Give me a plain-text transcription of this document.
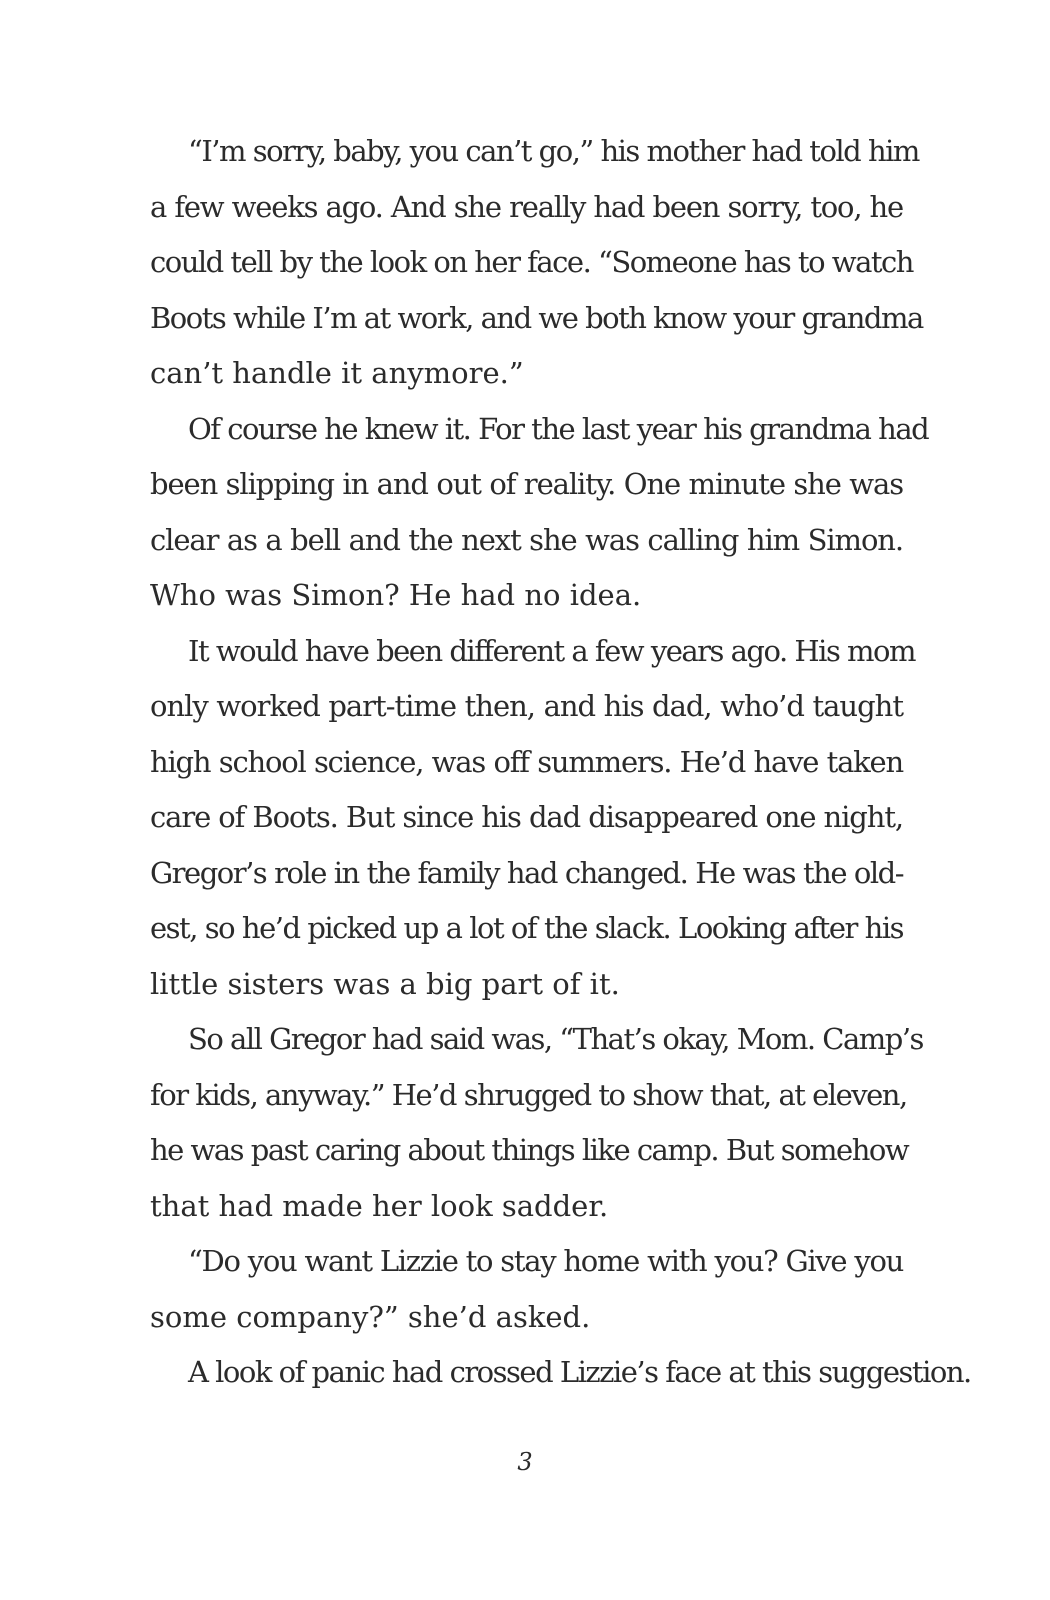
“I’m sorry, baby, you can’t go,” his mother had told him
a few weeks ago. And she really had been sorry, too, he
could tell by the look on her face. “Someone has to watch
Boots while I’m at work, and we both know your grandma
can’t handle it anymore.”
Of course he knew it. For the last year his grandma had
been slipping in and out of reality. One minute she was
clear as a bell and the next she was calling him Simon.
Who was Simon? He had no idea.
It would have been different a few years ago. His mom
only worked part-time then, and his dad, who’d taught
high school science, was off summers. He’d have taken
care of Boots. But since his dad disappeared one night,
Gregor’s role in the family had changed. He was the old-
est, so he’d picked up a lot of the slack. Looking after his
little sisters was a big part of it.
So all Gregor had said was, “That’s okay, Mom. Camp’s
for kids, anyway.” He’d shrugged to show that, at eleven,
he was past caring about things like camp. But somehow
that had made her look sadder.
“Do you want Lizzie to stay home with you? Give you
some company?” she’d asked.
A look of panic had crossed Lizzie’s face at this suggestion.
3
